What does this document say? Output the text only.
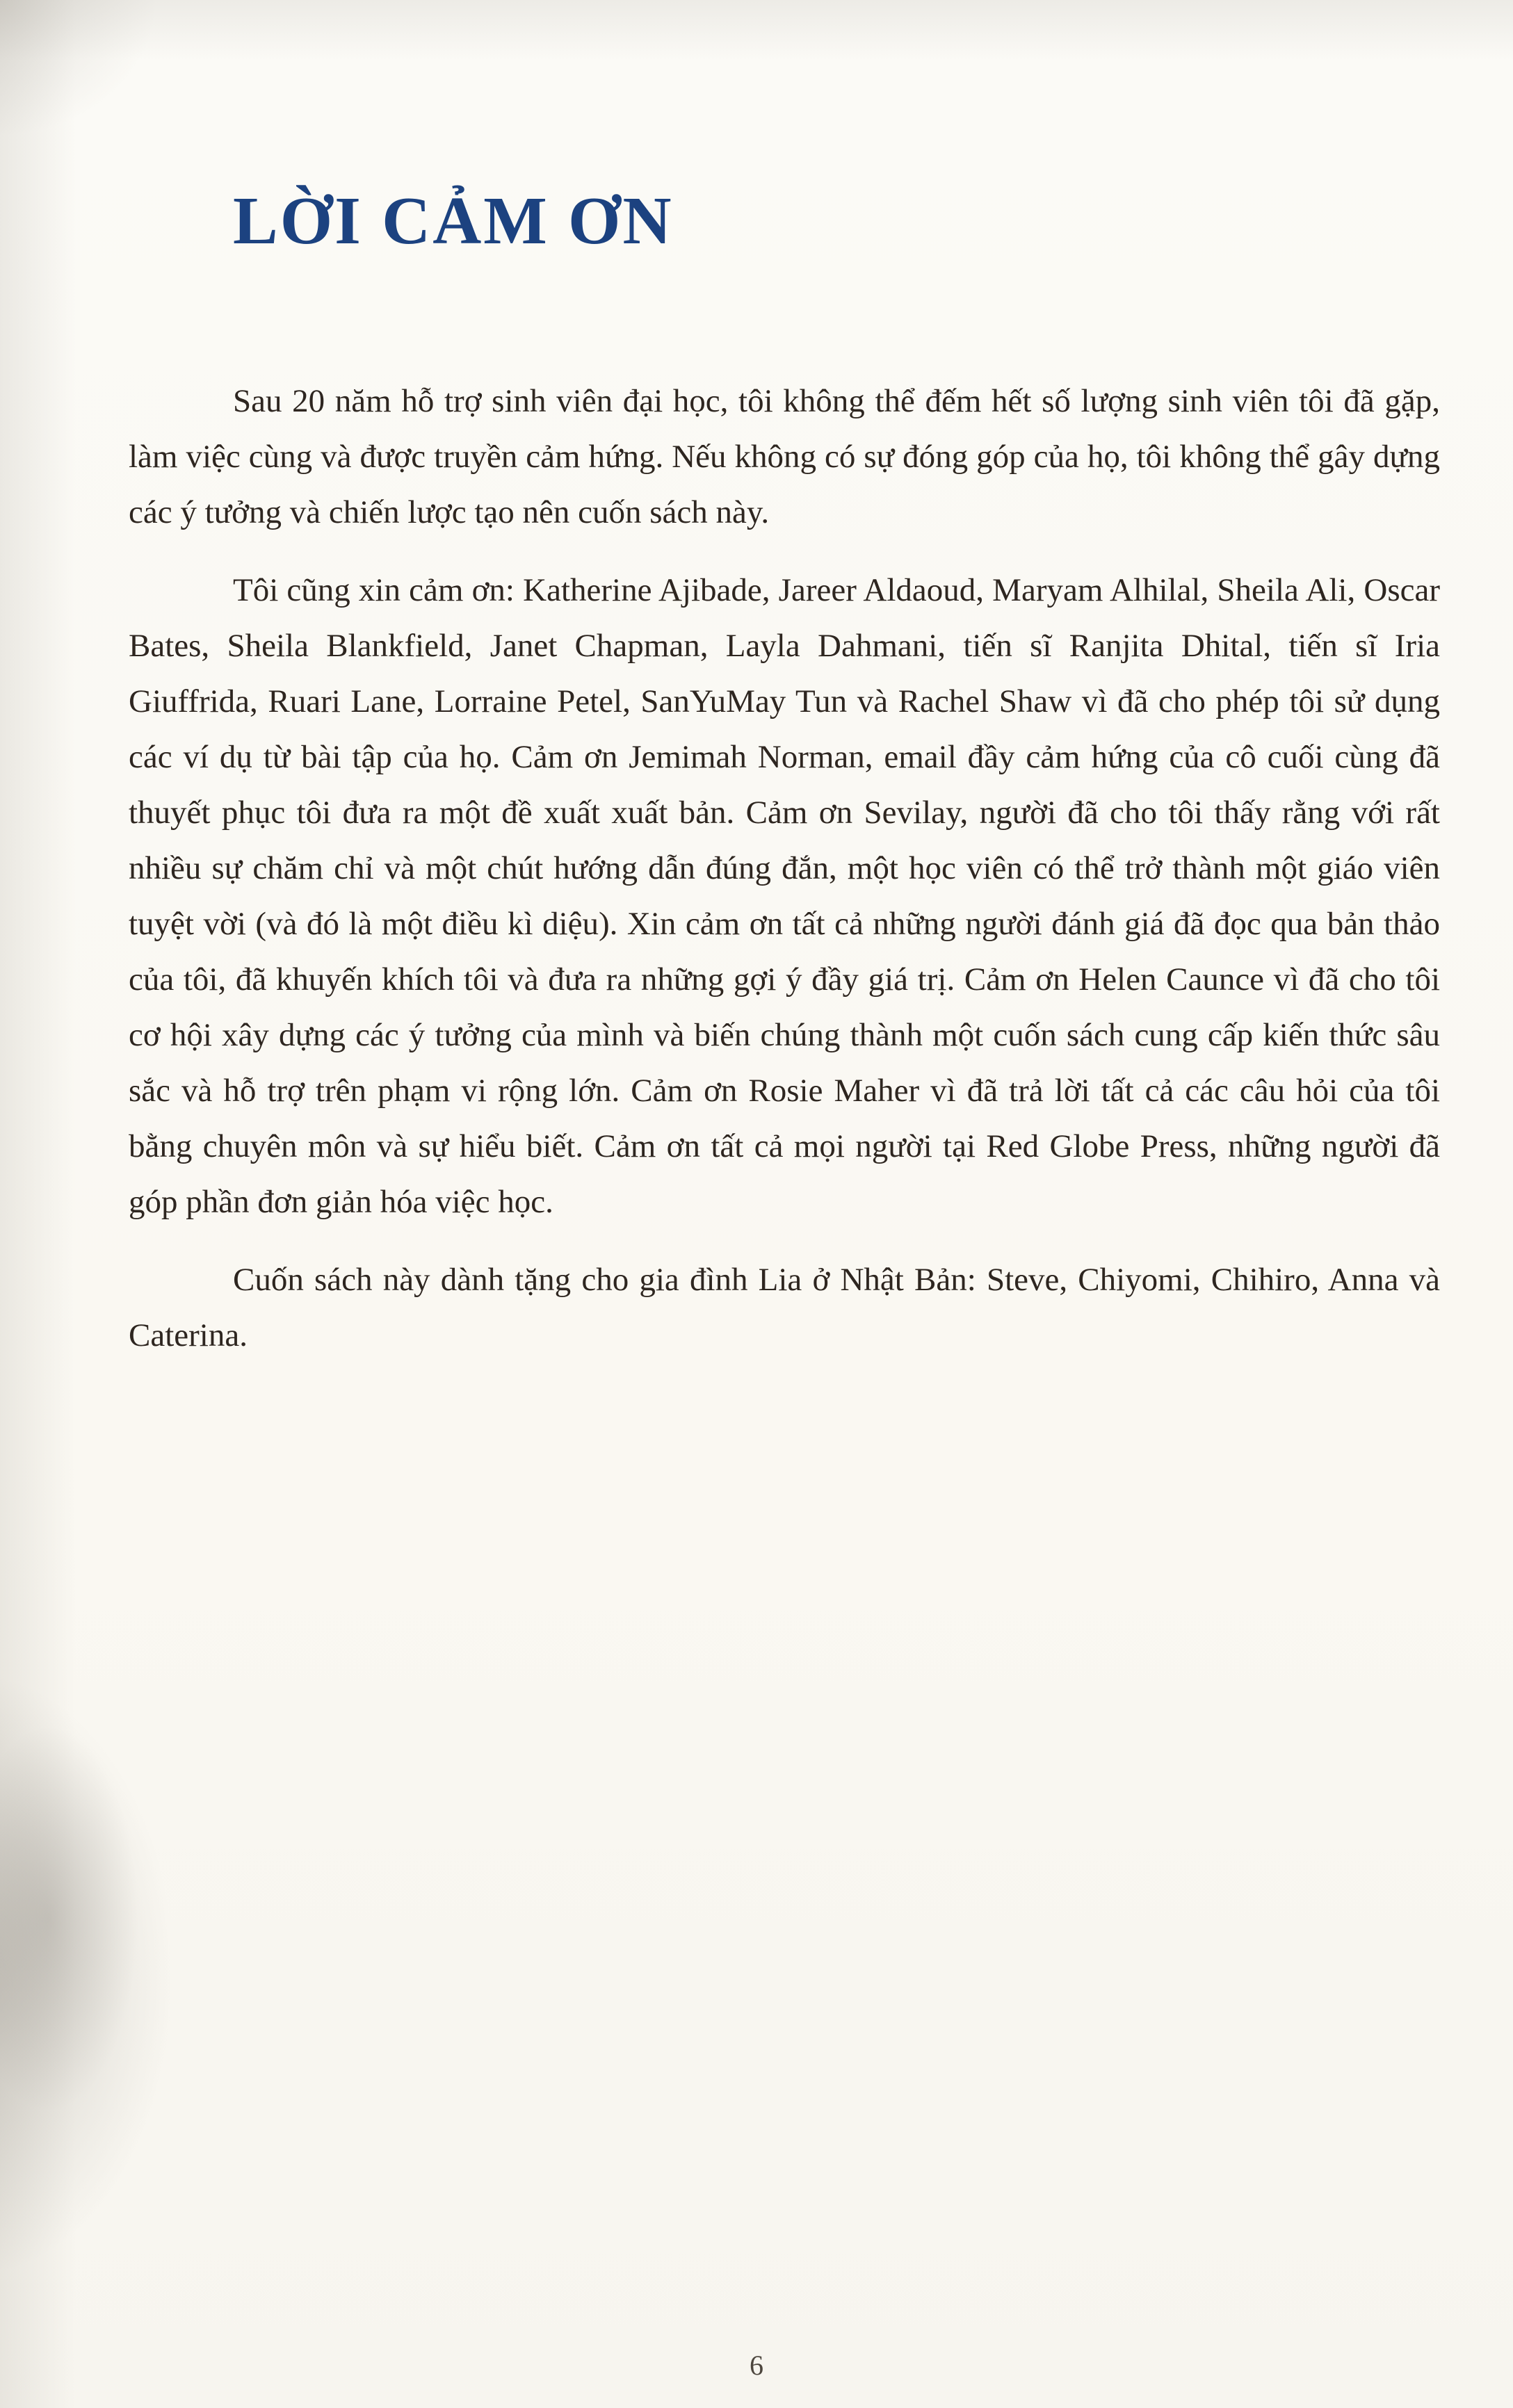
LỜI CẢM ƠN

Sau 20 năm hỗ trợ sinh viên đại học, tôi không thể đếm hết số lượng sinh viên tôi đã gặp, làm việc cùng và được truyền cảm hứng. Nếu không có sự đóng góp của họ, tôi không thể gây dựng các ý tưởng và chiến lược tạo nên cuốn sách này.

Tôi cũng xin cảm ơn: Katherine Ajibade, Jareer Aldaoud, Maryam Alhilal, Sheila Ali, Oscar Bates, Sheila Blankfield, Janet Chapman, Layla Dahmani, tiến sĩ Ranjita Dhital, tiến sĩ Iria Giuffrida, Ruari Lane, Lorraine Petel, SanYuMay Tun và Rachel Shaw vì đã cho phép tôi sử dụng các ví dụ từ bài tập của họ. Cảm ơn Jemimah Norman, email đầy cảm hứng của cô cuối cùng đã thuyết phục tôi đưa ra một đề xuất xuất bản. Cảm ơn Sevilay, người đã cho tôi thấy rằng với rất nhiều sự chăm chỉ và một chút hướng dẫn đúng đắn, một học viên có thể trở thành một giáo viên tuyệt vời (và đó là một điều kì diệu). Xin cảm ơn tất cả những người đánh giá đã đọc qua bản thảo của tôi, đã khuyến khích tôi và đưa ra những gợi ý đầy giá trị. Cảm ơn Helen Caunce vì đã cho tôi cơ hội xây dựng các ý tưởng của mình và biến chúng thành một cuốn sách cung cấp kiến thức sâu sắc và hỗ trợ trên phạm vi rộng lớn. Cảm ơn Rosie Maher vì đã trả lời tất cả các câu hỏi của tôi bằng chuyên môn và sự hiểu biết. Cảm ơn tất cả mọi người tại Red Globe Press, những người đã góp phần đơn giản hóa việc học.

Cuốn sách này dành tặng cho gia đình Lia ở Nhật Bản: Steve, Chiyomi, Chihiro, Anna và Caterina.

6
